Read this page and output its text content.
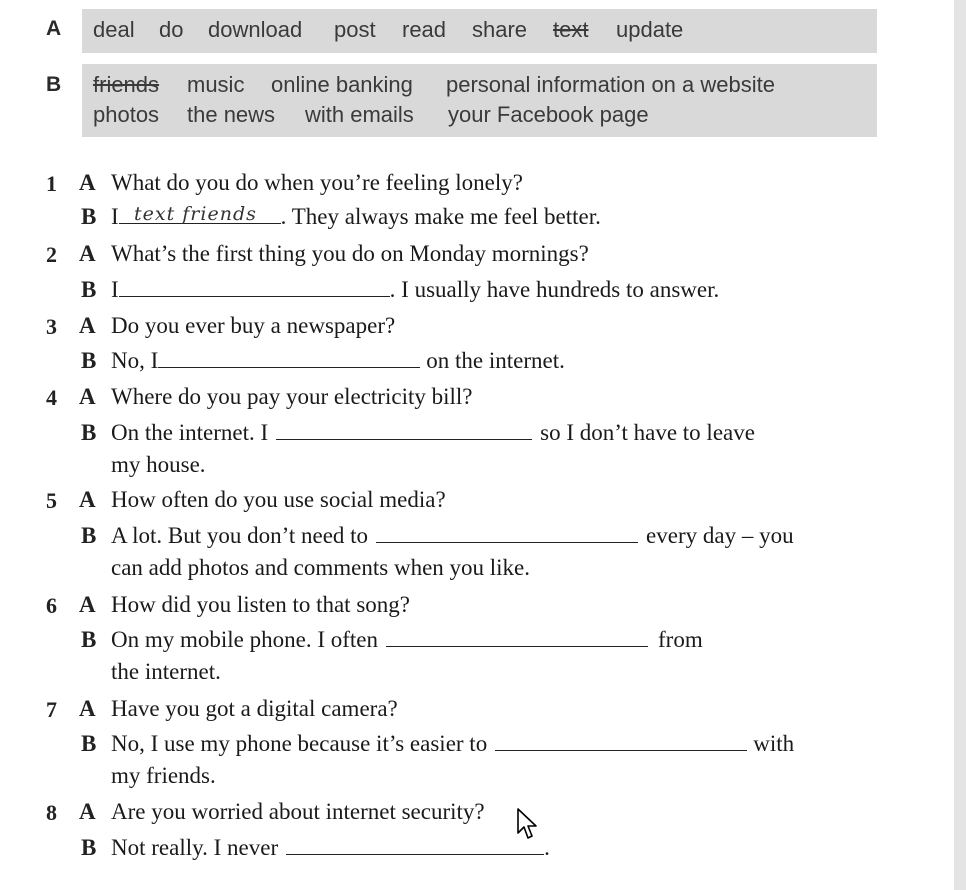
A deal do download post read share text update
B friends music online banking personal information on a website
photos the news with emails your Facebook page
1 A What do you do when you’re feeling lonely?
B I	. They always make me feel better.
text friends
2 A What’s the first thing you do on Monday mornings?
B I	. I usually have hundreds to answer.
3 A Do you ever buy a newspaper?
B No, I	on the internet.
4 A Where do you pay your electricity bill?
B On the internet. I	so I don’t have to leave
my house.
5 A How often do you use social media?
B A lot. But you don’t need to	every day – you
can add photos and comments when you like.
6 A How did you listen to that song?
B On my mobile phone. I often	from
the internet.
7 A Have you got a digital camera?
B No, I use my phone because it’s easier to	with
my friends.
8 A Are you worried about internet security?
B Not really. I never	.
